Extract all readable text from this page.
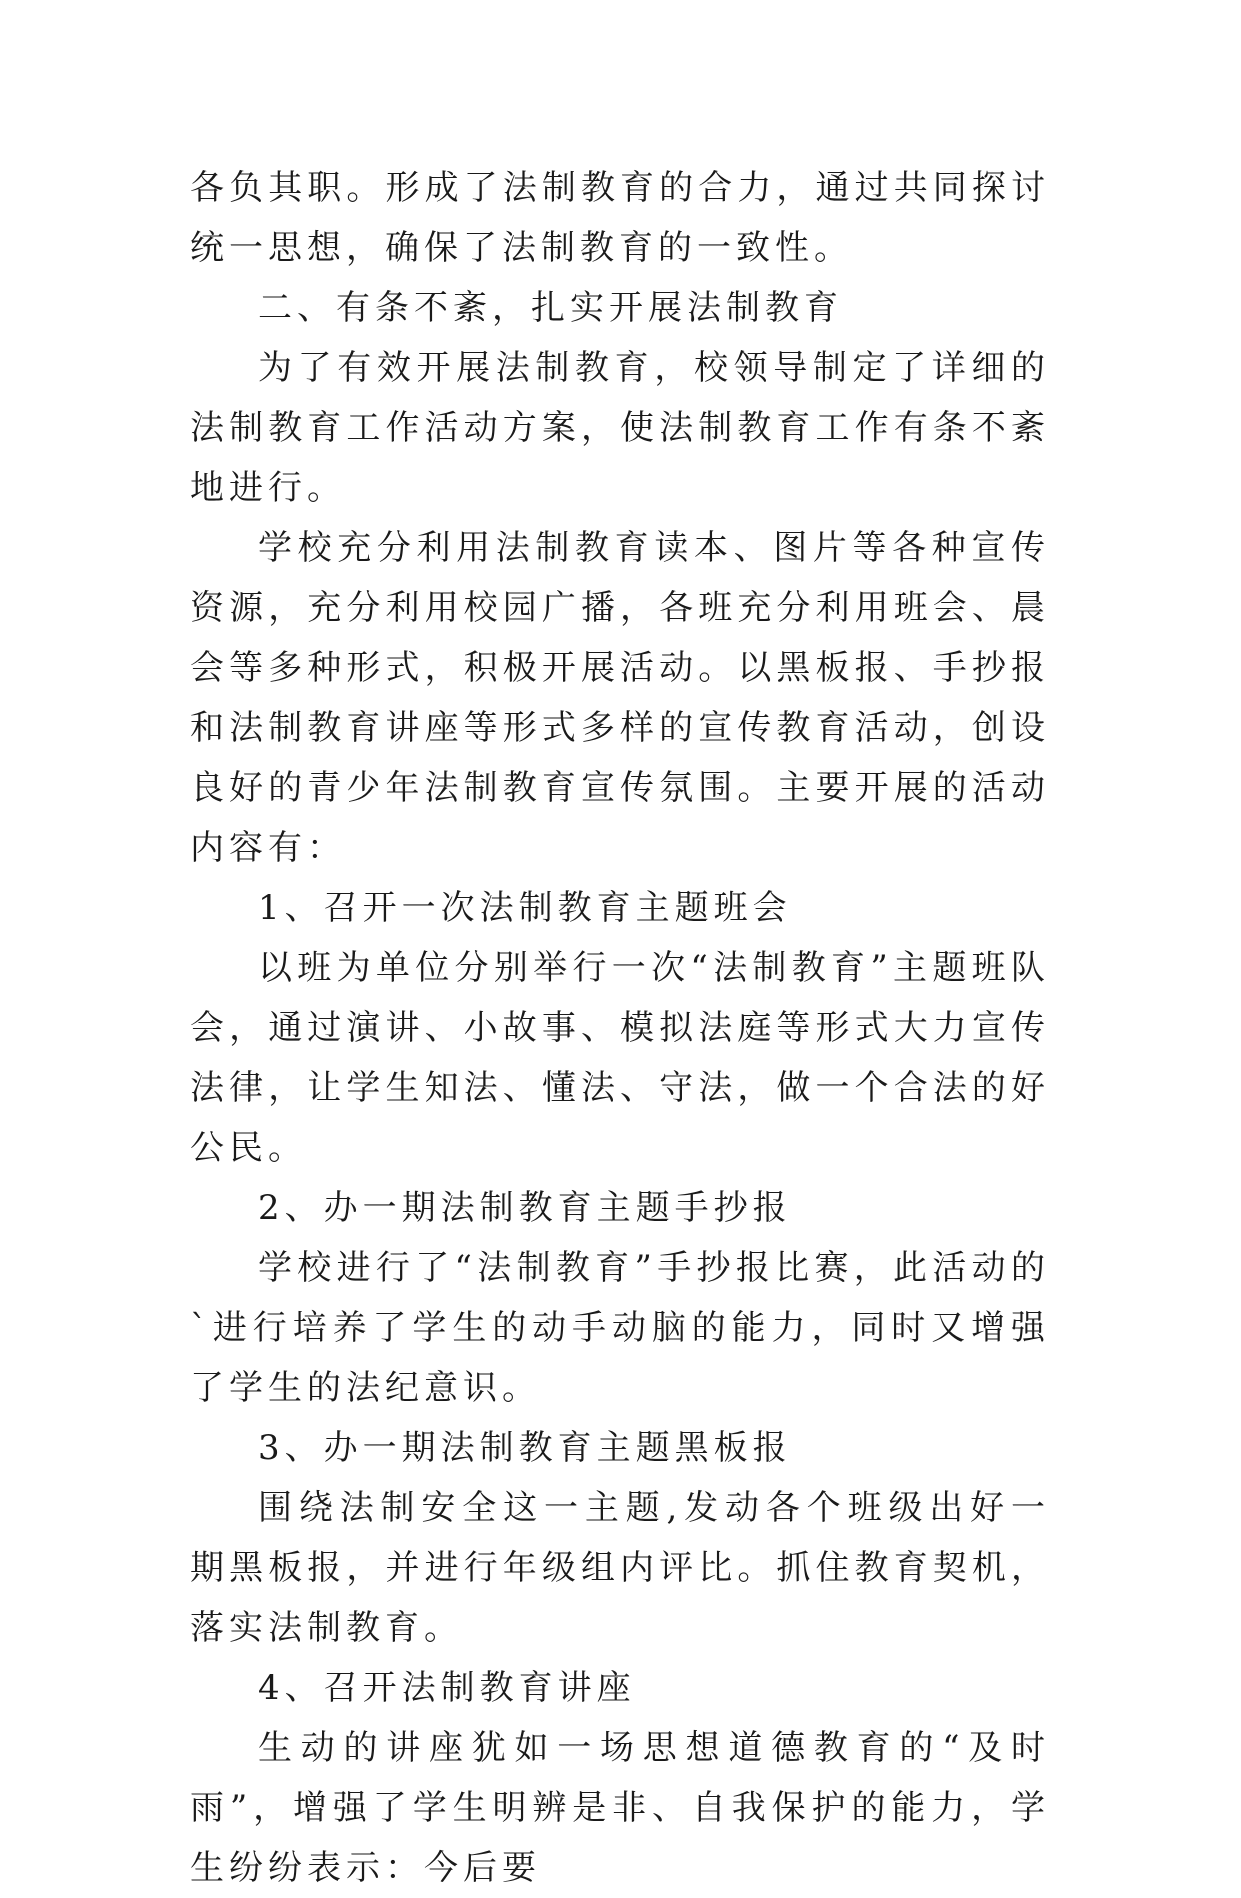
各负其职。形成了法制教育的合力，通过共同探讨统一思想，确保了法制教育的一致性。

二、有条不紊，扎实开展法制教育

为了有效开展法制教育，校领导制定了详细的法制教育工作活动方案，使法制教育工作有条不紊地进行。

学校充分利用法制教育读本、图片等各种宣传资源，充分利用校园广播，各班充分利用班会、晨会等多种形式，积极开展活动。以黑板报、手抄报和法制教育讲座等形式多样的宣传教育活动，创设良好的青少年法制教育宣传氛围。主要开展的活动内容有：

1、召开一次法制教育主题班会

以班为单位分别举行一次“法制教育”主题班队会，通过演讲、小故事、模拟法庭等形式大力宣传法律，让学生知法、懂法、守法，做一个合法的好公民。

2、办一期法制教育主题手抄报

学校进行了“法制教育”手抄报比赛，此活动的`进行培养了学生的动手动脑的能力，同时又增强了学生的法纪意识。

3、办一期法制教育主题黑板报

围绕法制安全这一主题,发动各个班级出好一期黑板报，并进行年级组内评比。抓住教育契机，落实法制教育。

4、召开法制教育讲座

生动的讲座犹如一场思想道德教育的“及时雨”，增强了学生明辨是非、自我保护的能力，学生纷纷表示：今后要
